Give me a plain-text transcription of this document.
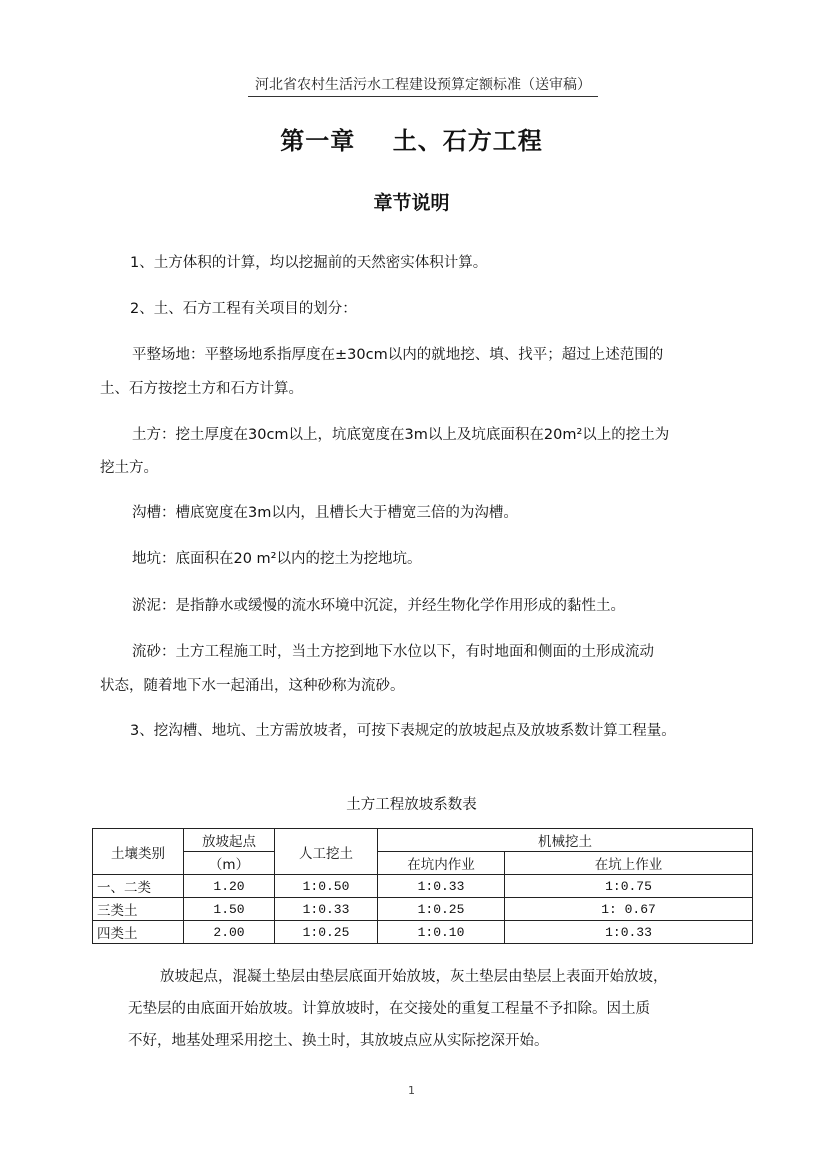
河北省农村生活污水工程建设预算定额标准（送审稿）
第一章    土、石方工程
章节说明
1、土方体积的计算，均以挖掘前的天然密实体积计算。
2、土、石方工程有关项目的划分：
平整场地：平整场地系指厚度在±30cm以内的就地挖、填、找平；超过上述范围的
土、石方按挖土方和石方计算。
土方：挖土厚度在30cm以上，坑底宽度在3m以上及坑底面积在20m²以上的挖土为
挖土方。
沟槽：槽底宽度在3m以内，且槽长大于槽宽三倍的为沟槽。
地坑：底面积在20 m²以内的挖土为挖地坑。
淤泥：是指静水或缓慢的流水环境中沉淀，并经生物化学作用形成的黏性土。
流砂：土方工程施工时，当土方挖到地下水位以下，有时地面和侧面的土形成流动
状态，随着地下水一起涌出，这种砂称为流砂。
3、挖沟槽、地坑、土方需放坡者，可按下表规定的放坡起点及放坡系数计算工程量。
土方工程放坡系数表
土壤类别	放坡起点	人工挖土	机械挖土	
	（m）		在坑内作业	在坑上作业
一、二类	1.20	1:0.50	1:0.33	1:0.75
三类土	1.50	1:0.33	1:0.25	1: 0.67
四类土	2.00	1:0.25	1:0.10	1:0.33
放坡起点，混凝土垫层由垫层底面开始放坡，灰土垫层由垫层上表面开始放坡，
无垫层的由底面开始放坡。计算放坡时，在交接处的重复工程量不予扣除。因土质
不好，地基处理采用挖土、换土时，其放坡点应从实际挖深开始。
1
